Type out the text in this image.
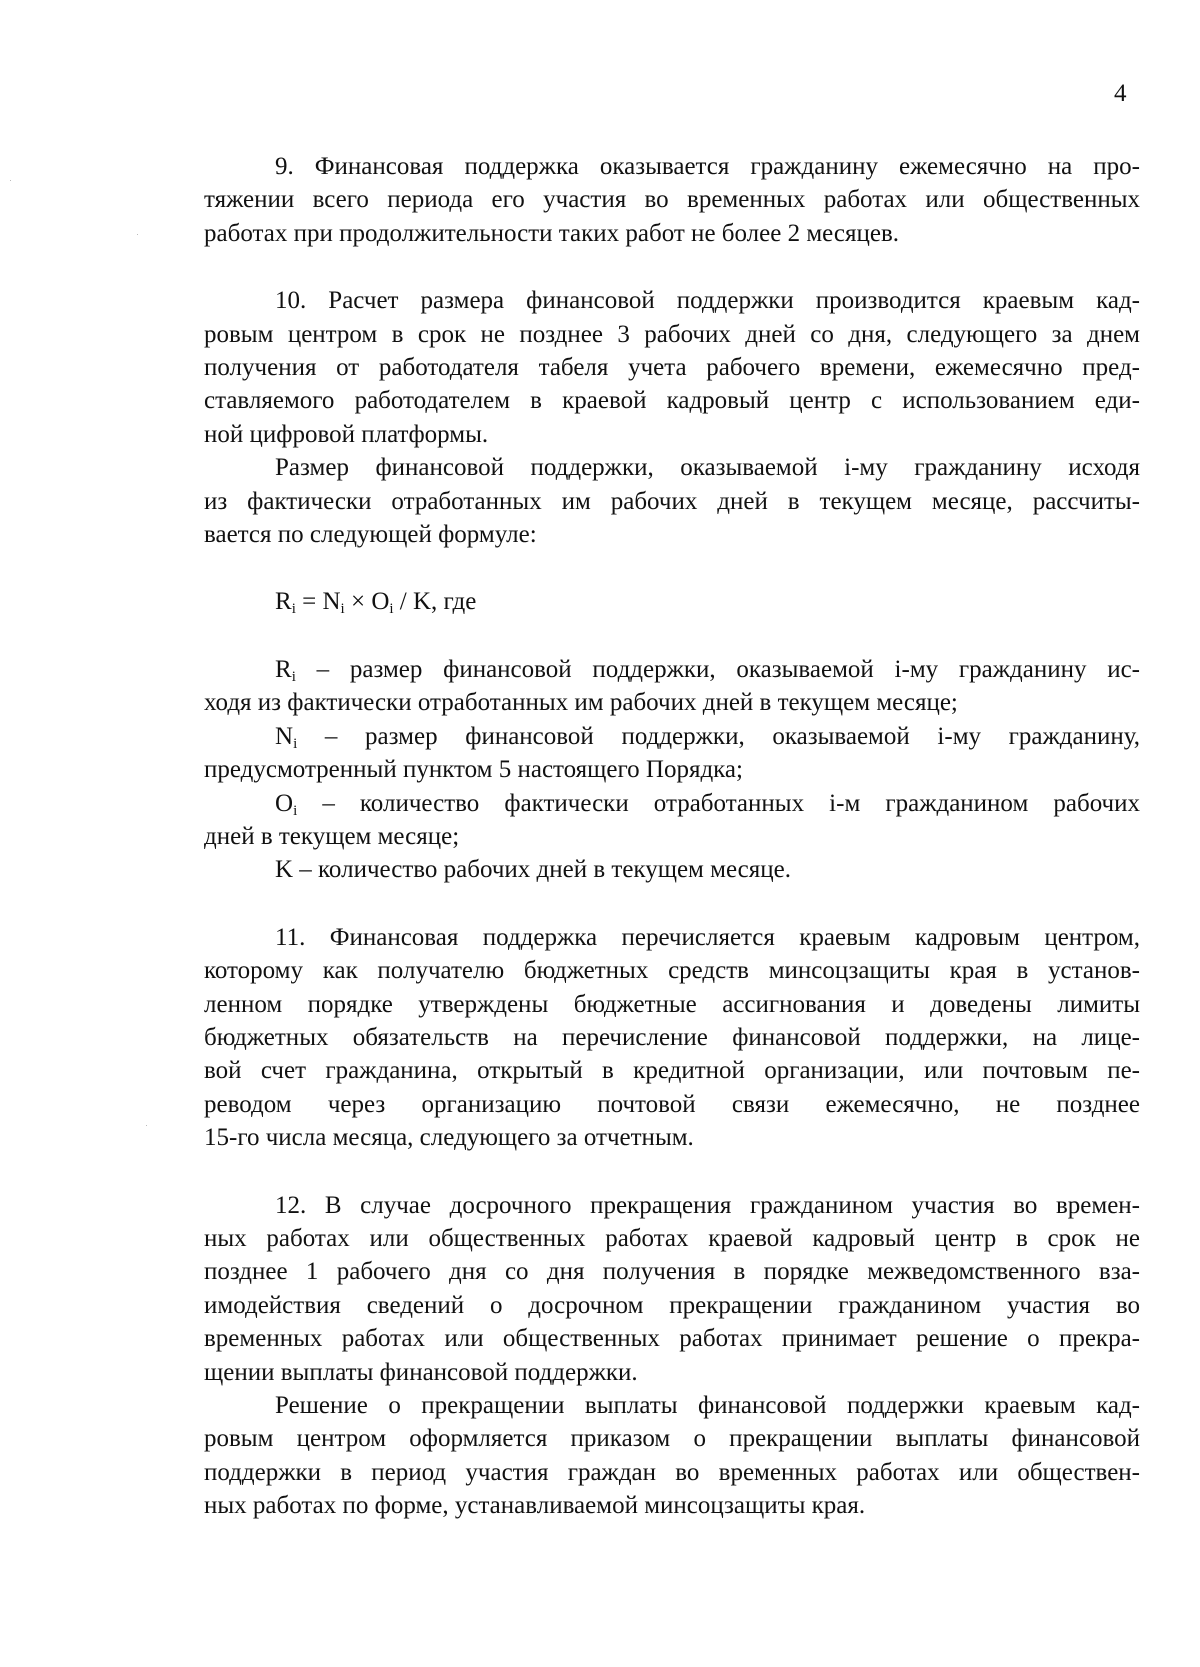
4
9. Финансовая поддержка оказывается гражданину ежемесячно на про-
тяжении всего периода его участия во временных работах или общественных
работах при продолжительности таких работ не более 2 месяцев.
10. Расчет размера финансовой поддержки производится краевым кад-
ровым центром в срок не позднее 3 рабочих дней со дня, следующего за днем
получения от работодателя табеля учета рабочего времени, ежемесячно пред-
ставляемого работодателем в краевой кадровый центр с использованием еди-
ной цифровой платформы.
Размер финансовой поддержки, оказываемой i-му гражданину исходя
из фактически отработанных им рабочих дней в текущем месяце, рассчиты-
вается по следующей формуле:
$R_i = N_i \times O_i / K$, где
$R_i$ – размер финансовой поддержки, оказываемой i-му гражданину ис-
ходя из фактически отработанных им рабочих дней в текущем месяце;
$N_i$ – размер финансовой поддержки, оказываемой i-му гражданину,
предусмотренный пунктом 5 настоящего Порядка;
$O_i$ – количество фактически отработанных i-м гражданином рабочих
дней в текущем месяце;
K – количество рабочих дней в текущем месяце.
11. Финансовая поддержка перечисляется краевым кадровым центром,
которому как получателю бюджетных средств минсоцзащиты края в установ-
ленном порядке утверждены бюджетные ассигнования и доведены лимиты
бюджетных обязательств на перечисление финансовой поддержки, на лице-
вой счет гражданина, открытый в кредитной организации, или почтовым пе-
реводом через организацию почтовой связи ежемесячно, не позднее
15-го числа месяца, следующего за отчетным.
12. В случае досрочного прекращения гражданином участия во времен-
ных работах или общественных работах краевой кадровый центр в срок не
позднее 1 рабочего дня со дня получения в порядке межведомственного вза-
имодействия сведений о досрочном прекращении гражданином участия во
временных работах или общественных работах принимает решение о прекра-
щении выплаты финансовой поддержки.
Решение о прекращении выплаты финансовой поддержки краевым кад-
ровым центром оформляется приказом о прекращении выплаты финансовой
поддержки в период участия граждан во временных работах или обществен-
ных работах по форме, устанавливаемой минсоцзащиты края.
